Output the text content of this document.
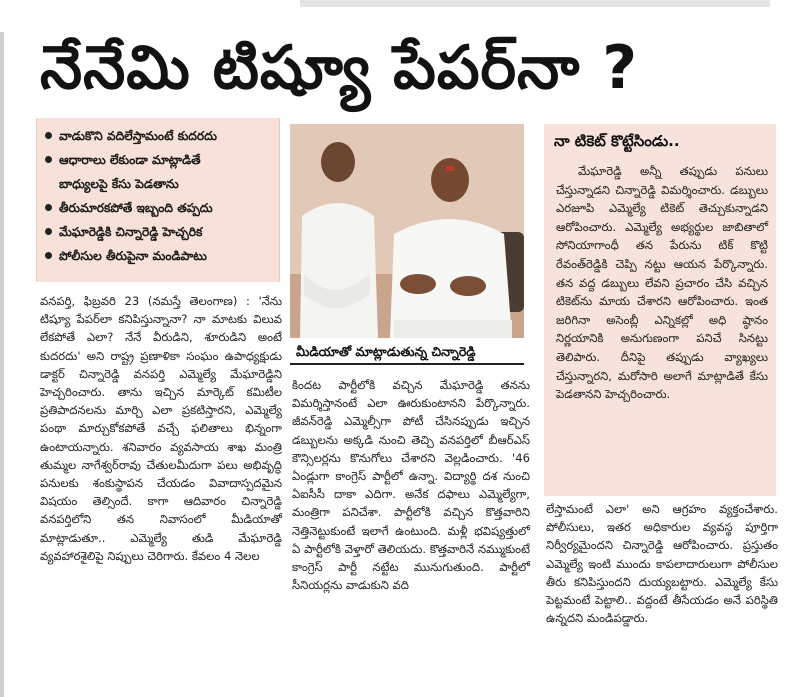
నేనేమి టిష్యూ పేపర్‌నా ?
వాడుకొని వదిలేస్తామంటే కుదరదు
ఆధారాలు లేకుండా మాట్లాడితే
బాధ్యులపై కేసు పెడతాను
తీరుమారకపోతే ఇబ్బంది తప్పదు
మేఘారెడ్డికి చిన్నారెడ్డి హెచ్చరిక
పోలీసుల తీరుపైనా మండిపాటు
మీడియాతో మాట్లాడుతున్న చిన్నారెడ్డి
నా టికెట్ కొట్టేసిండు..

మేఘారెడ్డి అన్నీ తప్పుడు పనులు చేస్తున్నాడని చిన్నారెడ్డి విమర్శించారు. డబ్బులు ఎరజూపి ఎమ్మెల్యే టికెట్ తెచ్చుకున్నాడని ఆరోపించారు. ఎమ్మెల్యే అభ్యర్థుల జాబితాలో సోనియాగాంధీ తన పేరును టిక్ కొట్టి రేవంత్‌రెడ్డికి చెప్పి నట్టు ఆయన పేర్కొన్నారు. తన వద్ద డబ్బులు లేవని ప్రచారం చేసి వచ్చిన టికెట్‌ను మాయ చేశారని ఆరోపించారు. ఇంత జరిగినా అసెంబ్లీ ఎన్నికల్లో అధి ష్ఠానం నిర్ణయానికి అనుగుణంగా పనిచే సినట్టు తెలిపారు. దీనిపై తప్పుడు వ్యాఖ్యలు చేస్తున్నారని, మరోసారి అలాగే మాట్లాడితే కేసు పెడతానని హెచ్చరించారు.

వనపర్తి, ఫిబ్రవరి 23 (నమస్తే తెలంగాణ) : 'నేను టిష్యూ పేపర్‌లా కనిపిస్తున్నానా? నా మాటకు విలువ లేకపోతే ఎలా? నేనే వీరుడిని, శూరుడిని అంటే కుదరదు' అని రాష్ట్ర ప్రణాళికా సంఘం ఉపాధ్యక్షుడు డాక్టర్ చిన్నారెడ్డి వనపర్తి ఎమ్మెల్యే మేఘారెడ్డిని హెచ్చరించారు. తాను ఇచ్చిన మార్కెట్ కమిటీల ప్రతిపాదనలను మార్చి ఎలా ప్రకటిస్తారని, ఎమ్మెల్యే పంథా మార్చుకోకపోతే వచ్చే ఫలితాలు భిన్నంగా ఉంటాయన్నారు. శనివారం వ్యవసాయ శాఖ మంత్రి తుమ్మల నాగేశ్వర్‌రావు చేతులమీదుగా పలు అభివృద్ధి పనులకు శంకుస్థాపన చేయడం వివాదాస్పదమైన విషయం తెల్సిందే. కాగా ఆదివారం చిన్నారెడ్డి వనపర్తిలోని తన నివాసంలో మీడియాతో మాట్లాడుతూ.. ఎమ్మెల్యే తుడి మేఘారెడ్డి వ్యవహారశైలిపై నిప్పులు చెరిగారు. కేవలం 4 నెలల

కిందట పార్టీలోకి వచ్చిన మేఘారెడ్డి తనను విమర్శిస్తానంటే ఎలా ఊరుకుంటానని పేర్కొన్నారు. జీవన్‌రెడ్డి ఎమ్మెల్సీగా పోటీ చేసినప్పుడు ఇచ్చిన డబ్బులను అక్కడి నుంచి తెచ్చి వనపర్తిలో బీఆర్‌ఎస్ కౌన్సిలర్లను కొనుగోలు చేశారని వెల్లడించారు. '46 ఏండ్లుగా కాంగ్రెస్ పార్టీలో ఉన్నా. విద్యార్థి దశ నుంచి ఏఐసీసీ దాకా ఎదిగా. అనేక దఫాలు ఎమ్మెల్యేగా, మంత్రిగా పనిచేశా. పార్టీలోకి వచ్చిన కొత్తవారిని నెత్తినెట్టుకుంటే ఇలాగే ఉంటుంది. మళ్లీ భవిష్యత్తులో ఏ పార్టీలోకి వెళ్తారో తెలియదు. కొత్తవారినే నమ్ముకుంటే కాంగ్రెస్ పార్టీ నట్టేట మునుగుతుంది. పార్టీలో సీనియర్లను వాడుకుని వది

లేస్తామంటే ఎలా' అని ఆగ్రహం వ్యక్తంచేశారు. పోలీసులు, ఇతర అధికారుల వ్యవస్థ పూర్తిగా నిర్వీర్యమైందని చిన్నారెడ్డి ఆరోపించారు. ప్రస్తుతం ఎమ్మెల్యే ఇంటి ముందు కాపలాదారులుగా పోలీసుల తీరు కనిపిస్తుందని దుయ్యబట్టారు. ఎమ్మెల్యే కేసు పెట్టమంటే పెట్టాలి.. వద్దంటే తీసేయడం అనే పరిస్థితి ఉన్నదని మండిపడ్డారు.
